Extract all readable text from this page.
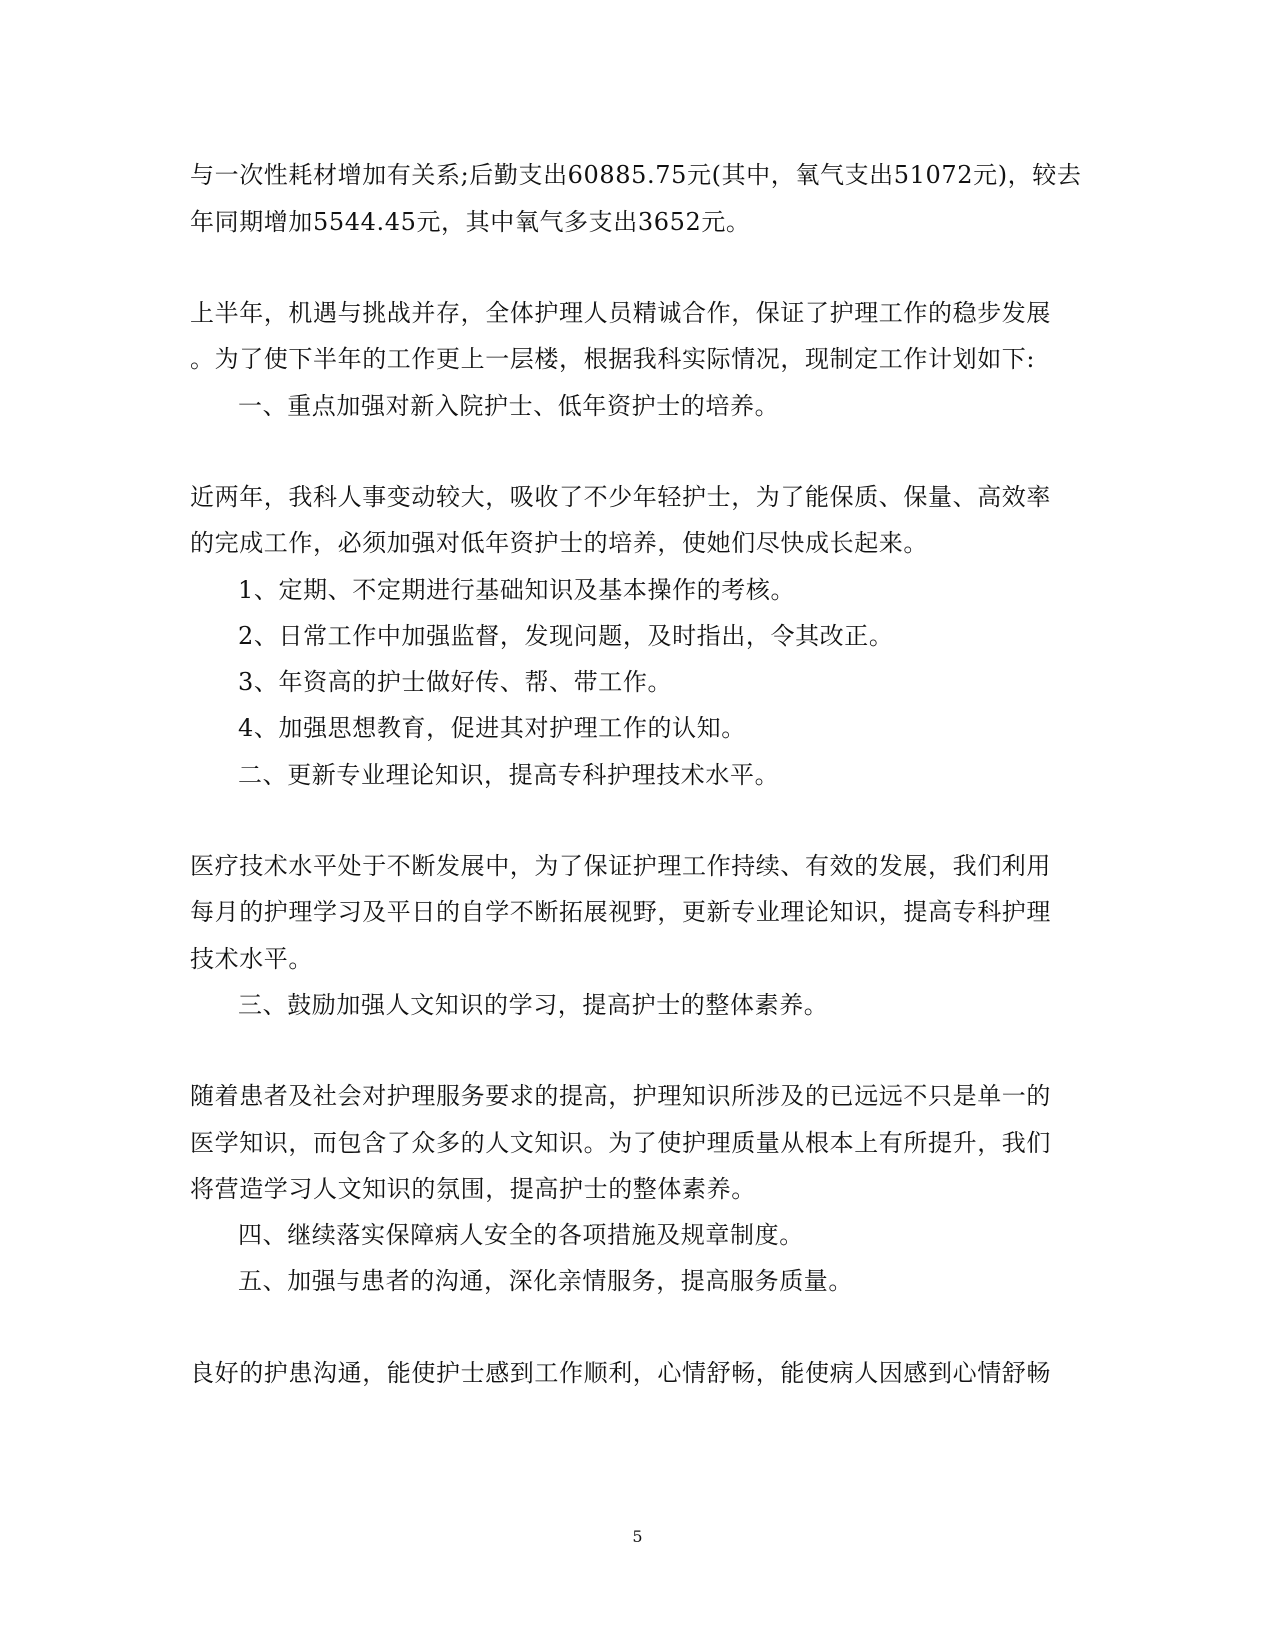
与一次性耗材增加有关系;后勤支出60885.75元(其中，氧气支出51072元)，较去
年同期增加5544.45元，其中氧气多支出3652元。
上半年，机遇与挑战并存，全体护理人员精诚合作，保证了护理工作的稳步发展
。为了使下半年的工作更上一层楼，根据我科实际情况，现制定工作计划如下:
一、重点加强对新入院护士、低年资护士的培养。
近两年，我科人事变动较大，吸收了不少年轻护士，为了能保质、保量、高效率
的完成工作，必须加强对低年资护士的培养，使她们尽快成长起来。
1、定期、不定期进行基础知识及基本操作的考核。
2、日常工作中加强监督，发现问题，及时指出，令其改正。
3、年资高的护士做好传、帮、带工作。
4、加强思想教育，促进其对护理工作的认知。
二、更新专业理论知识，提高专科护理技术水平。
医疗技术水平处于不断发展中，为了保证护理工作持续、有效的发展，我们利用
每月的护理学习及平日的自学不断拓展视野，更新专业理论知识，提高专科护理
技术水平。
三、鼓励加强人文知识的学习，提高护士的整体素养。
随着患者及社会对护理服务要求的提高，护理知识所涉及的已远远不只是单一的
医学知识，而包含了众多的人文知识。为了使护理质量从根本上有所提升，我们
将营造学习人文知识的氛围，提高护士的整体素养。
四、继续落实保障病人安全的各项措施及规章制度。
五、加强与患者的沟通，深化亲情服务，提高服务质量。
良好的护患沟通，能使护士感到工作顺利，心情舒畅，能使病人因感到心情舒畅
5
